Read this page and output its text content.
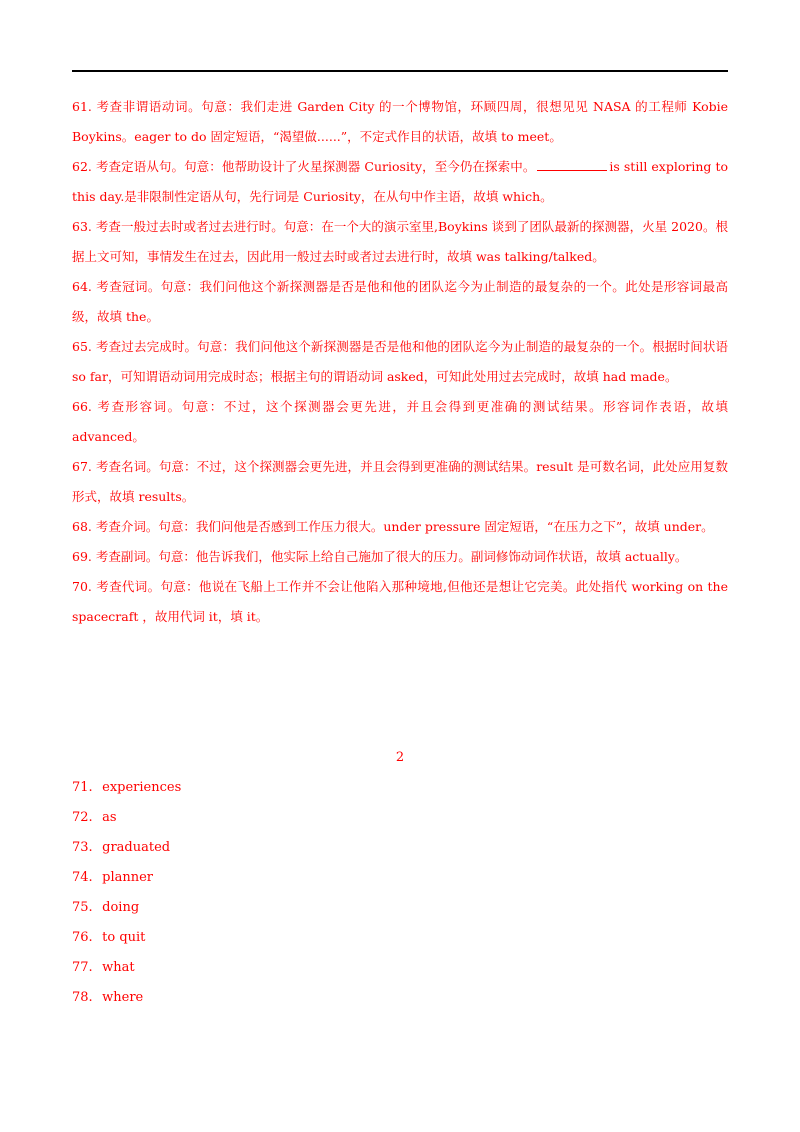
61. 考查非谓语动词。句意：我们走进 Garden City 的一个博物馆，环顾四周，很想见见 NASA 的工程师 Kobie Boykins。eager to do 固定短语，“渴望做......”，不定式作目的状语，故填 to meet。

62. 考查定语从句。句意：他帮助设计了火星探测器 Curiosity，至今仍在探索中。	is still exploring to this day.是非限制性定语从句，先行词是 Curiosity，在从句中作主语，故填 which。

63. 考查一般过去时或者过去进行时。句意：在一个大的演示室里,Boykins 谈到了团队最新的探测器，火星 2020。根据上文可知，事情发生在过去，因此用一般过去时或者过去进行时，故填 was talking/talked。

64. 考查冠词。句意：我们问他这个新探测器是否是他和他的团队迄今为止制造的最复杂的一个。此处是形容词最高级，故填 the。

65. 考查过去完成时。句意：我们问他这个新探测器是否是他和他的团队迄今为止制造的最复杂的一个。根据时间状语 so far，可知谓语动词用完成时态；根据主句的谓语动词 asked，可知此处用过去完成时，故填 had made。

66. 考查形容词。句意：不过，这个探测器会更先进，并且会得到更准确的测试结果。形容词作表语，故填 advanced。

67. 考查名词。句意：不过，这个探测器会更先进，并且会得到更准确的测试结果。result 是可数名词，此处应用复数形式，故填 results。

68. 考查介词。句意：我们问他是否感到工作压力很大。under pressure 固定短语，“在压力之下”，故填 under。

69. 考查副词。句意：他告诉我们，他实际上给自己施加了很大的压力。副词修饰动词作状语，故填 actually。

70. 考查代词。句意：他说在飞船上工作并不会让他陷入那种境地,但他还是想让它完美。此处指代 working on the spacecraft ，故用代词 it，填 it。

2
71. experiences
72. as
73. graduated
74. planner
75. doing
76. to quit
77. what
78. where
